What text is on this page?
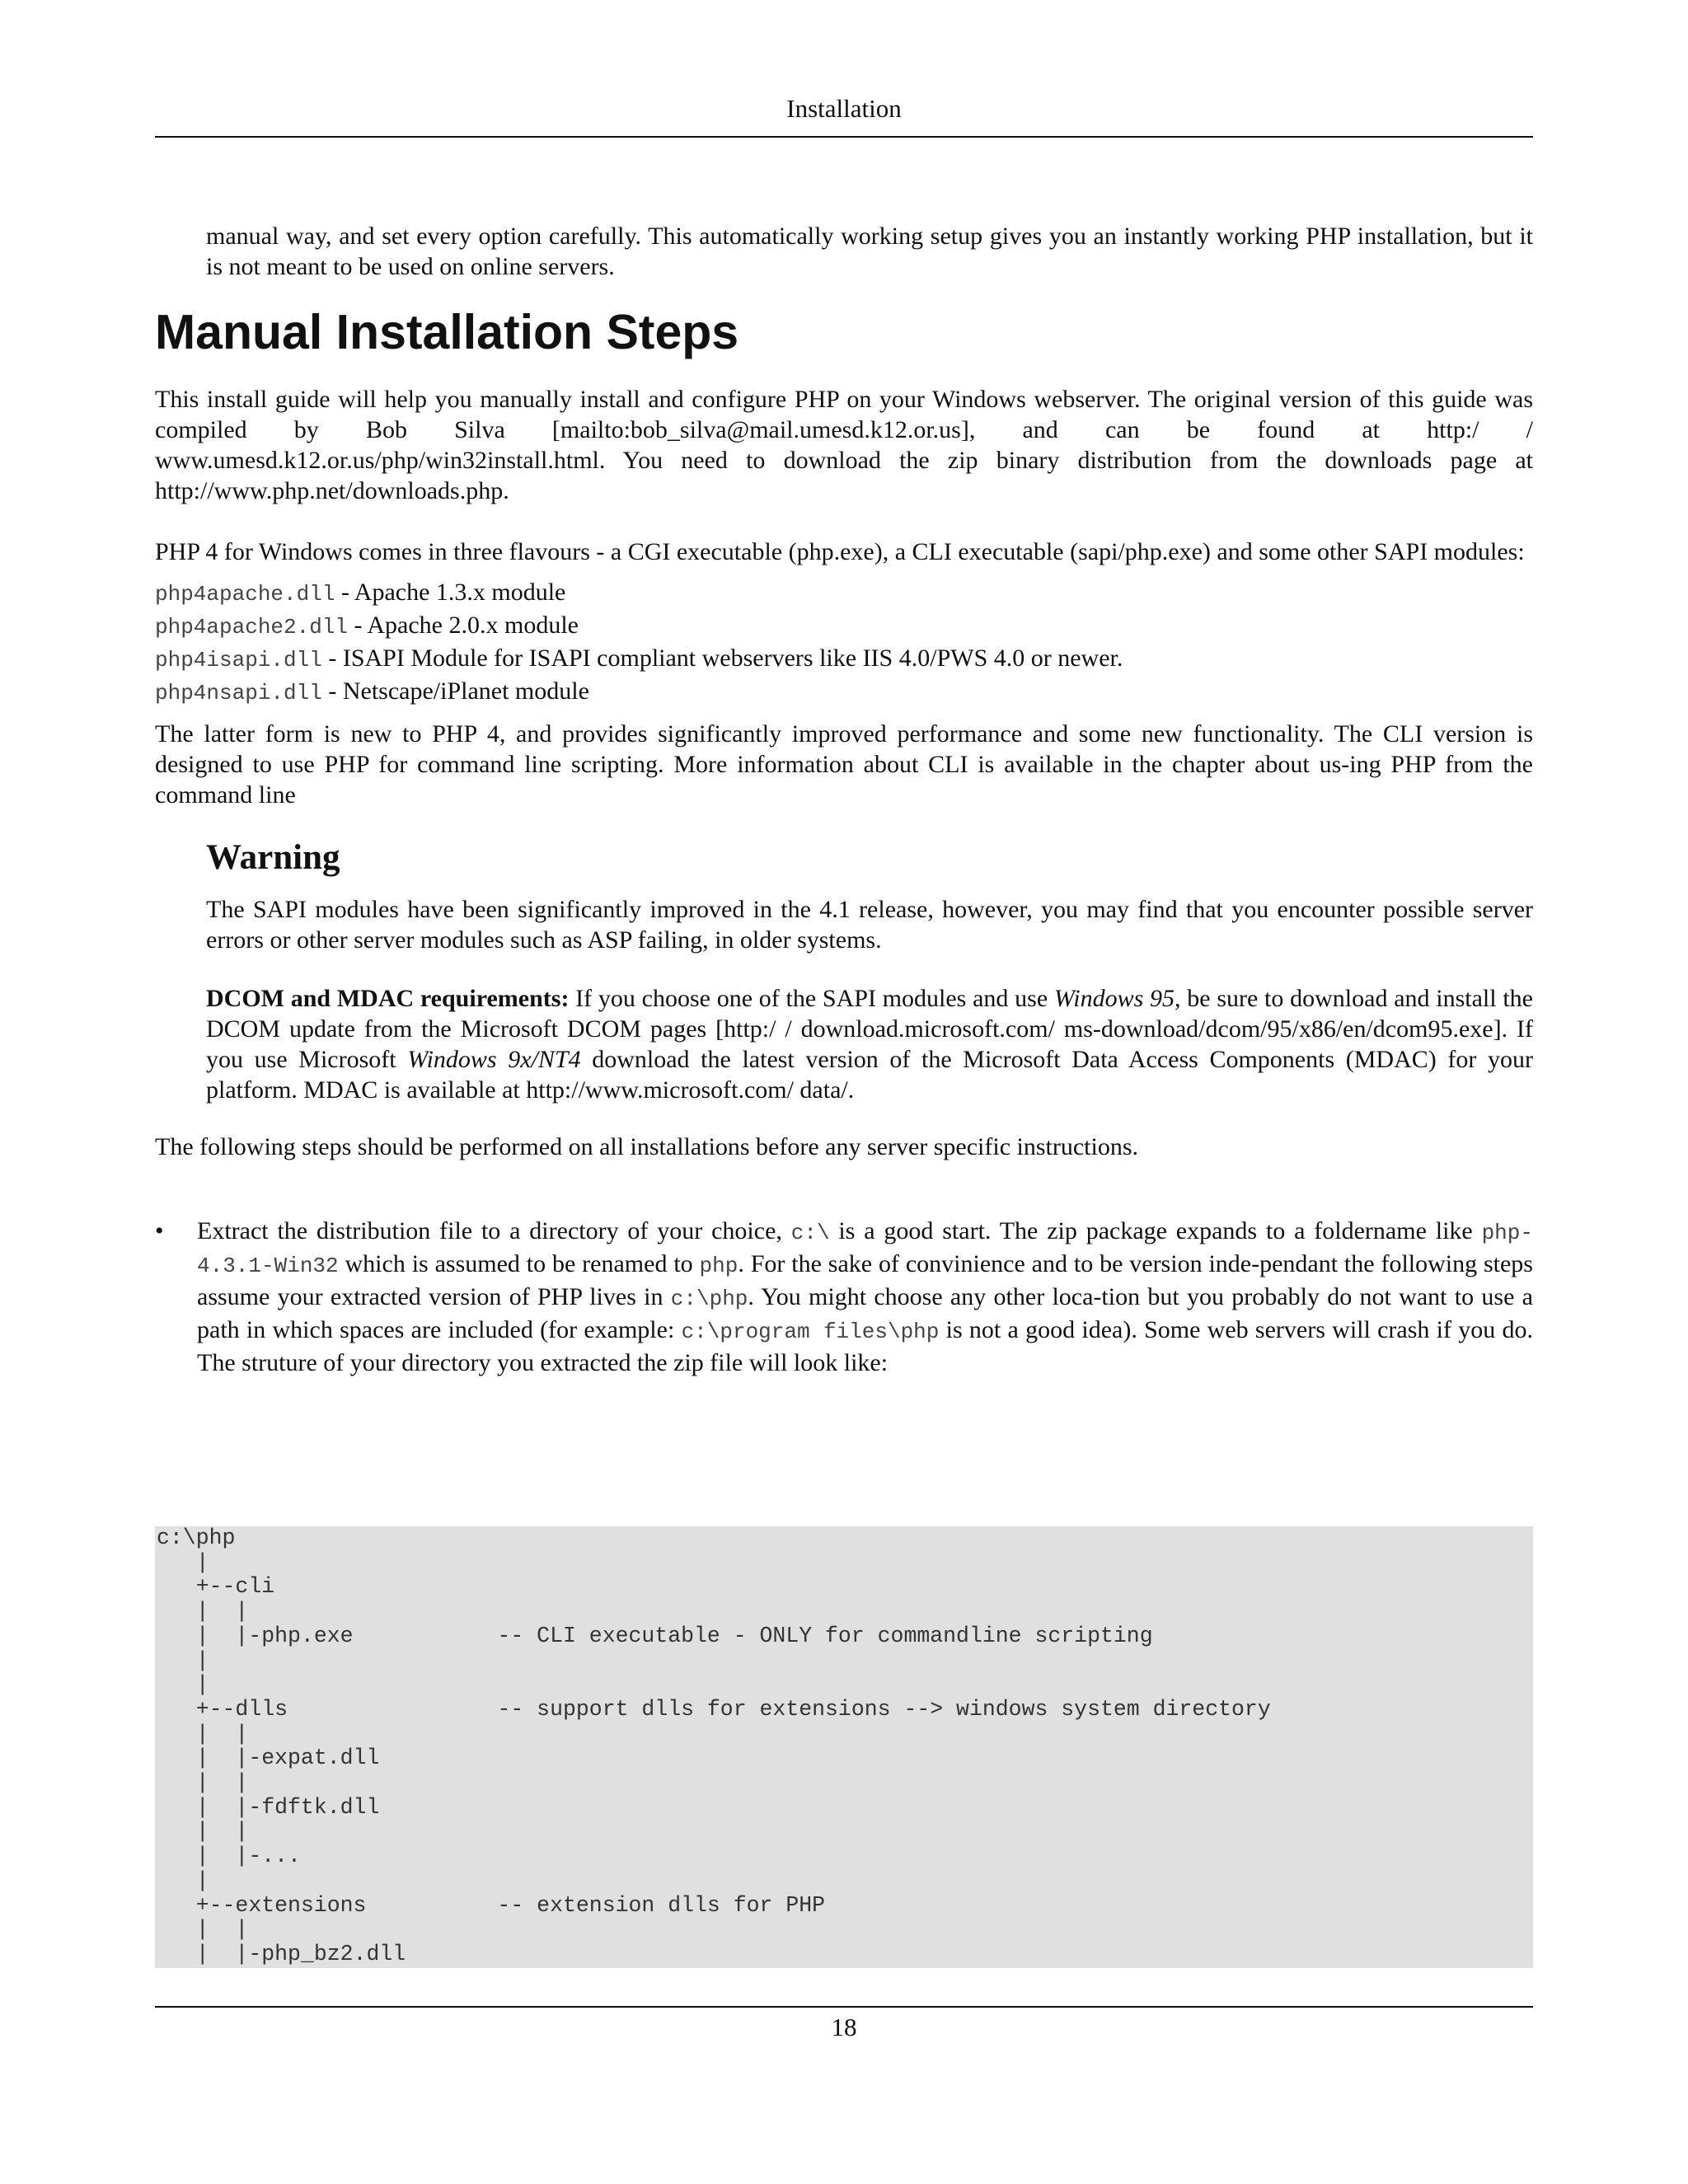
Installation

manual way, and set every option carefully. This automatically working setup gives you an instantly working PHP installation, but it is not meant to be used on online servers.

Manual Installation Steps

This install guide will help you manually install and configure PHP on your Windows webserver. The original version of this guide was compiled by Bob Silva [mailto:bob_silva@mail.umesd.k12.or.us], and can be found at http:/ / www.umesd.k12.or.us/php/win32install.html. You need to download the zip binary distribution from the downloads page at http://www.php.net/downloads.php.

PHP 4 for Windows comes in three flavours - a CGI executable (php.exe), a CLI executable (sapi/php.exe) and some other SAPI modules:

php4apache.dll - Apache 1.3.x module
php4apache2.dll - Apache 2.0.x module
php4isapi.dll - ISAPI Module for ISAPI compliant webservers like IIS 4.0/PWS 4.0 or newer.
php4nsapi.dll - Netscape/iPlanet module

The latter form is new to PHP 4, and provides significantly improved performance and some new functionality. The CLI version is designed to use PHP for command line scripting. More information about CLI is available in the chapter about us-ing PHP from the command line

Warning

The SAPI modules have been significantly improved in the 4.1 release, however, you may find that you encounter possible server errors or other server modules such as ASP failing, in older systems.

DCOM and MDAC requirements: If you choose one of the SAPI modules and use Windows 95, be sure to download and install the DCOM update from the Microsoft DCOM pages [http:/ / download.microsoft.com/ ms-download/dcom/95/x86/en/dcom95.exe]. If you use Microsoft Windows 9x/NT4 download the latest version of the Microsoft Data Access Components (MDAC) for your platform. MDAC is available at http://www.microsoft.com/ data/.

The following steps should be performed on all installations before any server specific instructions.

• Extract the distribution file to a directory of your choice, c:\ is a good start. The zip package expands to a foldername like php-4.3.1-Win32 which is assumed to be renamed to php. For the sake of convinience and to be version inde-pendant the following steps assume your extracted version of PHP lives in c:\php. You might choose any other loca-tion but you probably do not want to use a path in which spaces are included (for example: c:\program files\php is not a good idea). Some web servers will crash if you do. The struture of your directory you extracted the zip file will look like:
c:\php
|
+--cli
|  |
|  |-php.exe           -- CLI executable - ONLY for commandline scripting
|
|
+--dlls                -- support dlls for extensions --> windows system directory
|  |
|  |-expat.dll
|  |
|  |-fdftk.dll
|  |
|  |-...
|
+--extensions          -- extension dlls for PHP
|  |
|  |-php_bz2.dll
18
